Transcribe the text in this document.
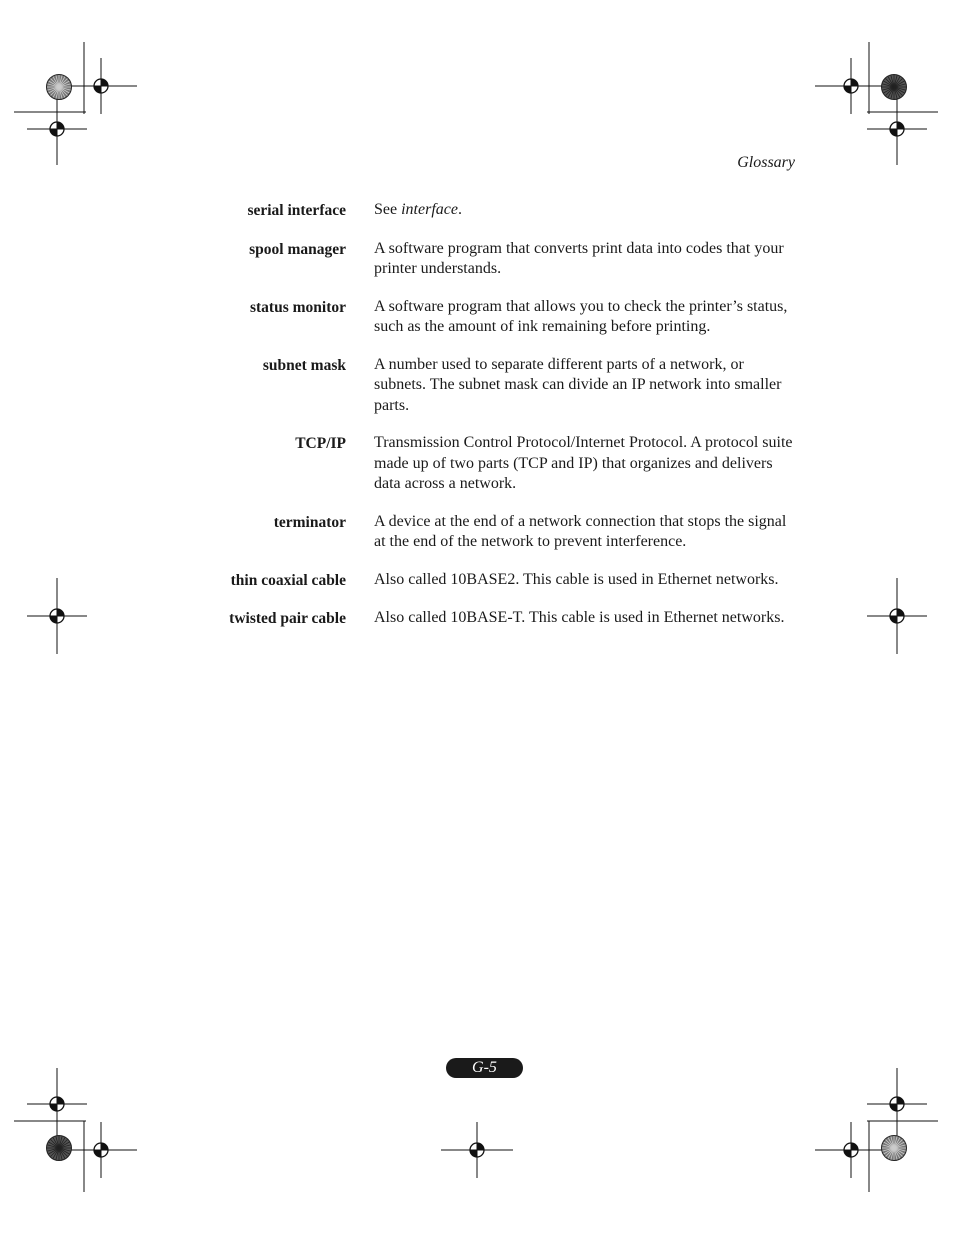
Glossary
serial interface See interface.
spool manager A software program that converts print data into codes that your printer understands.
status monitor A software program that allows you to check the printer’s status, such as the amount of ink remaining before printing.
subnet mask A number used to separate different parts of a network, or subnets. The subnet mask can divide an IP network into smaller parts.
TCP/IP Transmission Control Protocol/Internet Protocol. A protocol suite made up of two parts (TCP and IP) that organizes and delivers data across a network.
terminator A device at the end of a network connection that stops the signal at the end of the network to prevent interference.
thin coaxial cable Also called 10BASE2. This cable is used in Ethernet networks.
twisted pair cable Also called 10BASE-T. This cable is used in Ethernet networks.
G-5
